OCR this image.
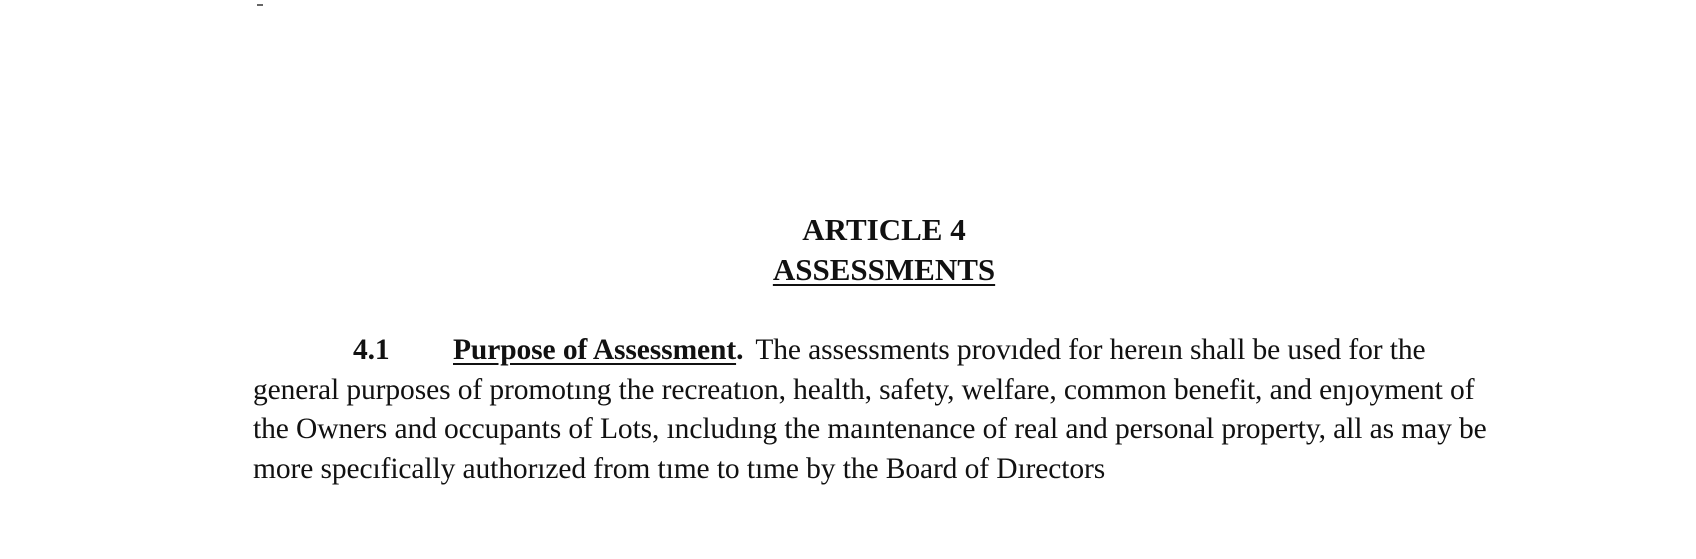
ARTICLE 4
ASSESSMENTS
4.1 Purpose of Assessment. The assessments provıded for hereın shall be used for the general purposes of promotıng the recreatıon, health, safety, welfare, common benefit, and enȷoyment of the Owners and occupants of Lots, ıncludıng the maıntenance of real and personal property, all as may be more specıfically authorızed from tıme to tıme by the Board of Dırectors
